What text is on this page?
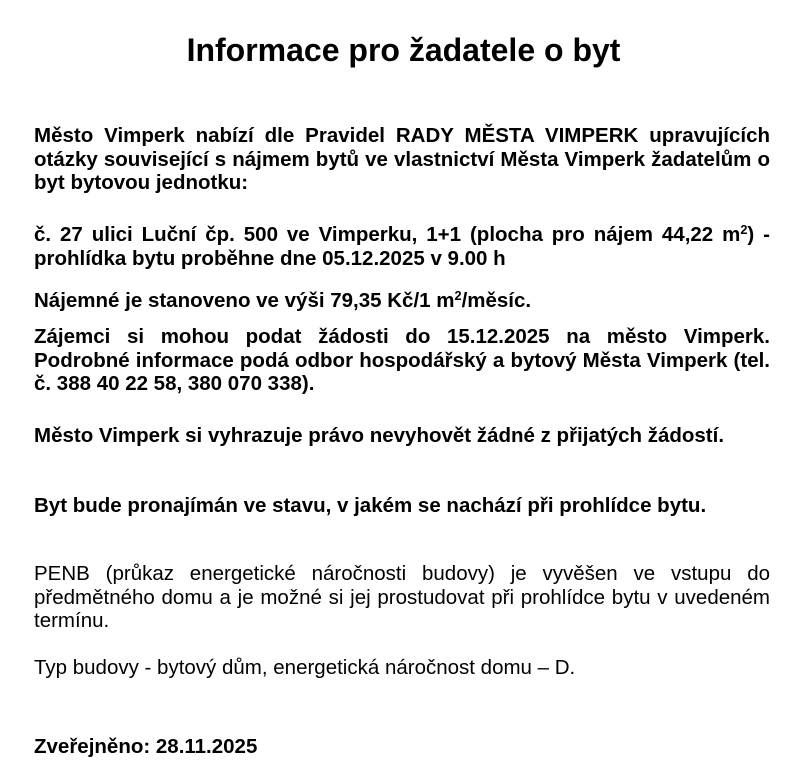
Informace pro žadatele o byt

Město Vimperk nabízí dle Pravidel RADY MĚSTA VIMPERK upravujících otázky související s nájmem bytů ve vlastnictví Města Vimperk žadatelům o byt bytovou jednotku:

č. 27 ulici Luční čp. 500 ve Vimperku, 1+1 (plocha pro nájem 44,22 $m^2$) - prohlídka bytu proběhne dne 05.12.2025 v 9.00 h

Nájemné je stanoveno ve výši 79,35 Kč/1 $m^2$/měsíc.

Zájemci si mohou podat žádosti do 15.12.2025 na město Vimperk. Podrobné informace podá odbor hospodářský a bytový Města Vimperk (tel. č. 388 40 22 58, 380 070 338).

Město Vimperk si vyhrazuje právo nevyhovět žádné z přijatých žádostí.

Byt bude pronajímán ve stavu, v jakém se nachází při prohlídce bytu.

PENB (průkaz energetické náročnosti budovy) je vyvěšen ve vstupu do předmětného domu a je možné si jej prostudovat při prohlídce bytu v uvedeném termínu.

Typ budovy - bytový dům, energetická náročnost domu – D.

Zveřejněno: 28.11.2025
